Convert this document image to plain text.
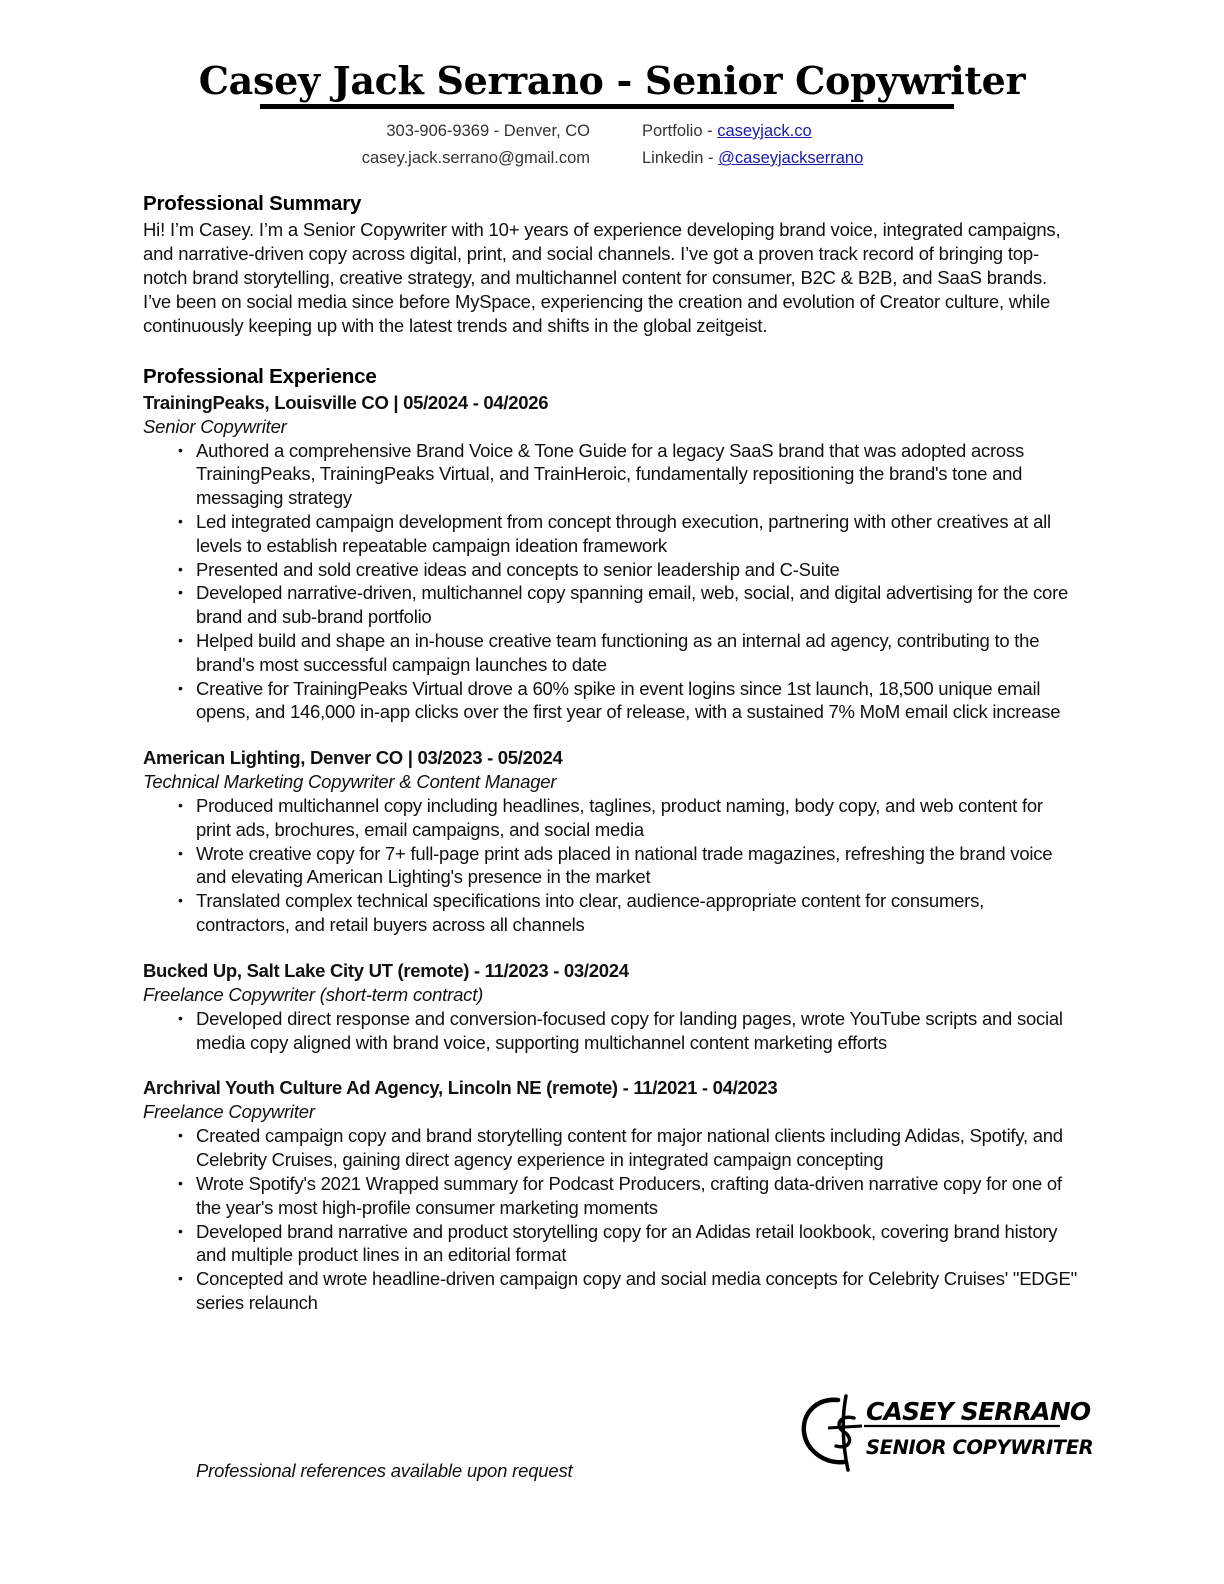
Casey Jack Serrano - Senior Copywriter
303-906-9369 - Denver, CO
casey.jack.serrano@gmail.com
Portfolio - caseyjack.co
Linkedin - @caseyjackserrano
Professional Summary

Hi! I’m Casey. I’m a Senior Copywriter with 10+ years of experience developing brand voice, integrated campaigns, and narrative-driven copy across digital, print, and social channels. I’ve got a proven track record of bringing top-notch brand storytelling, creative strategy, and multichannel content for consumer, B2C & B2B, and SaaS brands. I’ve been on social media since before MySpace, experiencing the creation and evolution of Creator culture, while continuously keeping up with the latest trends and shifts in the global zeitgeist.

Professional Experience
TrainingPeaks, Louisville CO | 05/2024 - 04/2026
Senior Copywriter
• Authored a comprehensive Brand Voice & Tone Guide for a legacy SaaS brand that was adopted across TrainingPeaks, TrainingPeaks Virtual, and TrainHeroic, fundamentally repositioning the brand's tone and messaging strategy
• Led integrated campaign development from concept through execution, partnering with other creatives at all levels to establish repeatable campaign ideation framework
• Presented and sold creative ideas and concepts to senior leadership and C-Suite
• Developed narrative-driven, multichannel copy spanning email, web, social, and digital advertising for the core brand and sub-brand portfolio
• Helped build and shape an in-house creative team functioning as an internal ad agency, contributing to the brand's most successful campaign launches to date
• Creative for TrainingPeaks Virtual drove a 60% spike in event logins since 1st launch, 18,500 unique email opens, and 146,000 in-app clicks over the first year of release, with a sustained 7% MoM email click increase
American Lighting, Denver CO | 03/2023 - 05/2024
Technical Marketing Copywriter & Content Manager
• Produced multichannel copy including headlines, taglines, product naming, body copy, and web content for print ads, brochures, email campaigns, and social media
• Wrote creative copy for 7+ full-page print ads placed in national trade magazines, refreshing the brand voice and elevating American Lighting's presence in the market
• Translated complex technical specifications into clear, audience-appropriate content for consumers, contractors, and retail buyers across all channels
Bucked Up, Salt Lake City UT (remote) - 11/2023 - 03/2024
Freelance Copywriter (short-term contract)
• Developed direct response and conversion-focused copy for landing pages, wrote YouTube scripts and social media copy aligned with brand voice, supporting multichannel content marketing efforts
Archrival Youth Culture Ad Agency, Lincoln NE (remote) - 11/2021 - 04/2023
Freelance Copywriter
• Created campaign copy and brand storytelling content for major national clients including Adidas, Spotify, and Celebrity Cruises, gaining direct agency experience in integrated campaign concepting
• Wrote Spotify's 2021 Wrapped summary for Podcast Producers, crafting data-driven narrative copy for one of the year's most high-profile consumer marketing moments
• Developed brand narrative and product storytelling copy for an Adidas retail lookbook, covering brand history and multiple product lines in an editorial format
• Concepted and wrote headline-driven campaign copy and social media concepts for Celebrity Cruises' "EDGE" series relaunch
Professional references available upon request
CASEY SERRANO
SENIOR COPYWRITER
